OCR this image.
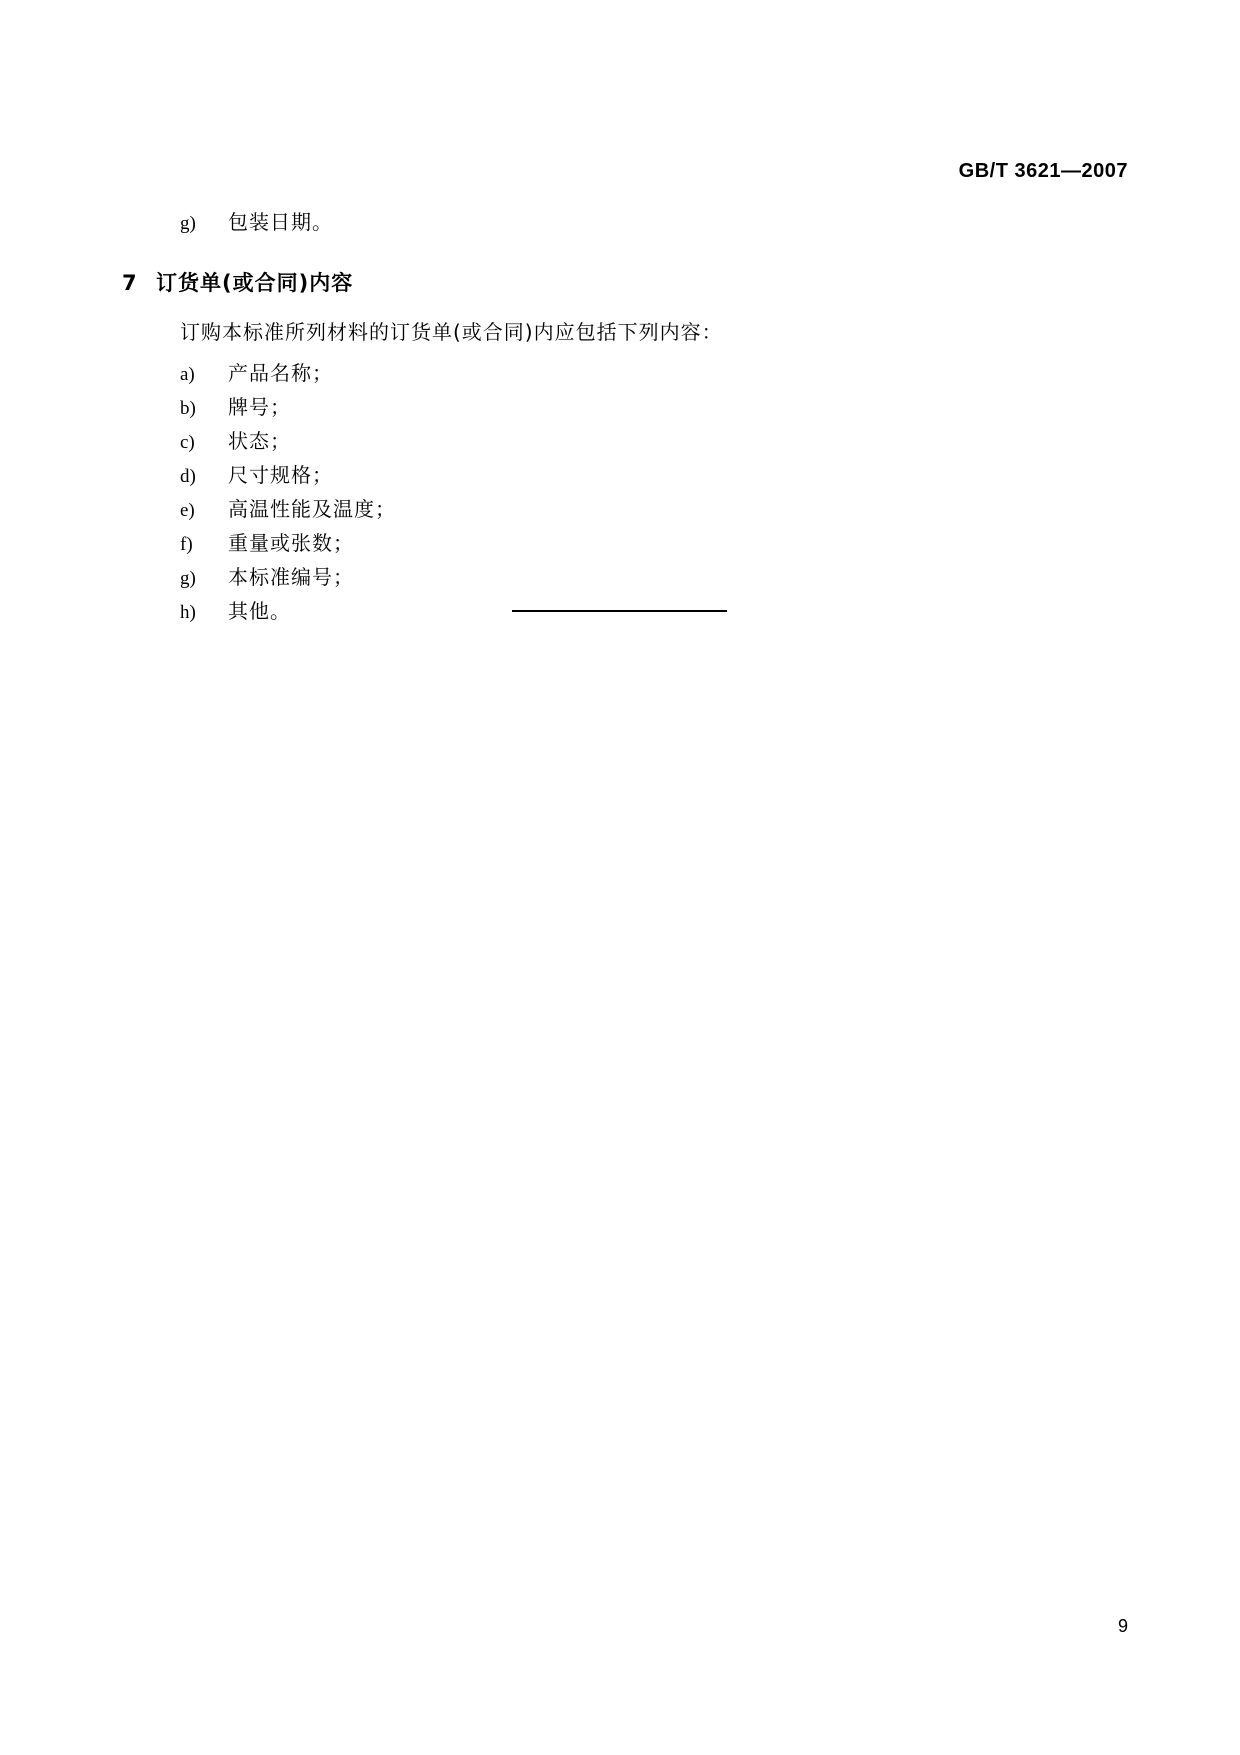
GB/T 3621—2007
g)	包装日期。
7 订货单(或合同)内容
订购本标准所列材料的订货单(或合同)内应包括下列内容：
a)	产品名称；
b)	牌号；
c)	状态；
d)	尺寸规格；
e)	高温性能及温度；
f)	重量或张数；
g)	本标准编号；
h)	其他。
9
